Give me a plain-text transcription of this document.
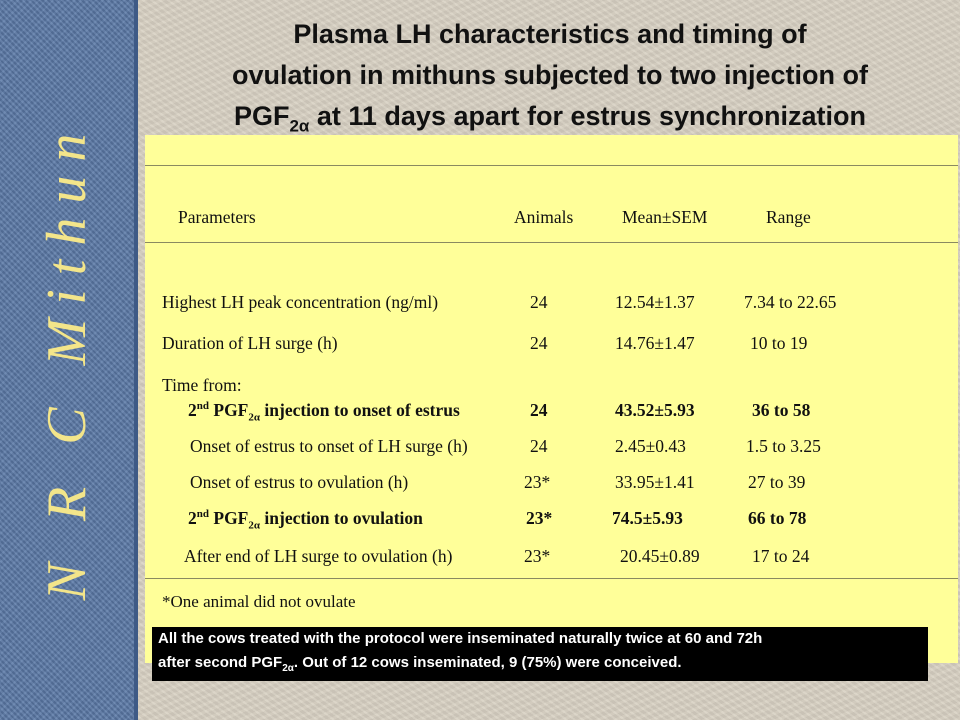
N R C Mithun
Plasma LH characteristics and timing of
ovulation in mithuns subjected to two injection of
$PGF_{2\alpha}$ at 11 days apart for estrus synchronization
Parameters	Animals	Mean±SEM	Range
Highest LH peak concentration (ng/ml)	24	12.54±1.37	7.34 to 22.65
Duration of LH surge (h)	24	14.76±1.47	10 to 19
Time from:
2nd $PGF_{2\alpha}$ injection to onset of estrus	24	43.52±5.93	36 to 58
Onset of estrus to onset of LH surge (h)	24	2.45±0.43	1.5 to 3.25
Onset of estrus to ovulation (h)	23*	33.95±1.41	27 to 39
2nd $PGF_{2\alpha}$ injection to ovulation	23*	74.5±5.93	66 to 78
After end of LH surge to ovulation (h)	23*	20.45±0.89	17 to 24
*One animal did not ovulate
All the cows treated with the protocol were inseminated naturally twice at 60 and 72h
after second $PGF_{2\alpha}$. Out of 12 cows inseminated, 9 (75%) were conceived.
